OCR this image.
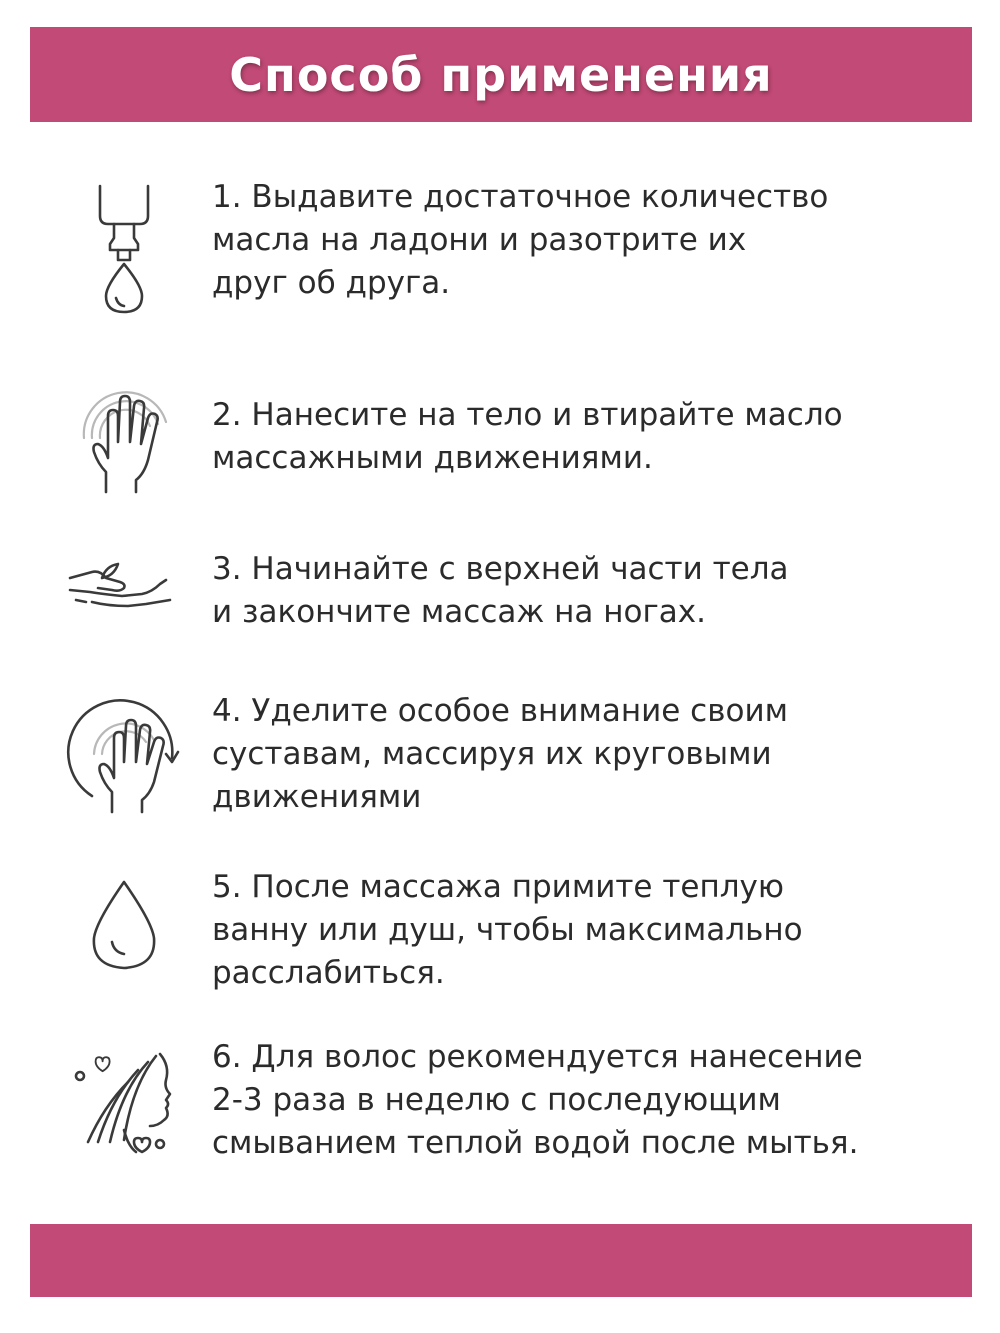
Способ применения
1. Выдавите достаточное количество
масла на ладони и разотрите их
друг об друга.
2. Нанесите на тело и втирайте масло
массажными движениями.
3. Начинайте с верхней части тела
и закончите массаж на ногах.
4. Уделите особое внимание своим
суставам, массируя их круговыми
движениями
5. После массажа примите теплую
ванну или душ, чтобы максимально
расслабиться.
6. Для волос рекомендуется нанесение
2-3 раза в неделю с последующим
смыванием теплой водой после мытья.
